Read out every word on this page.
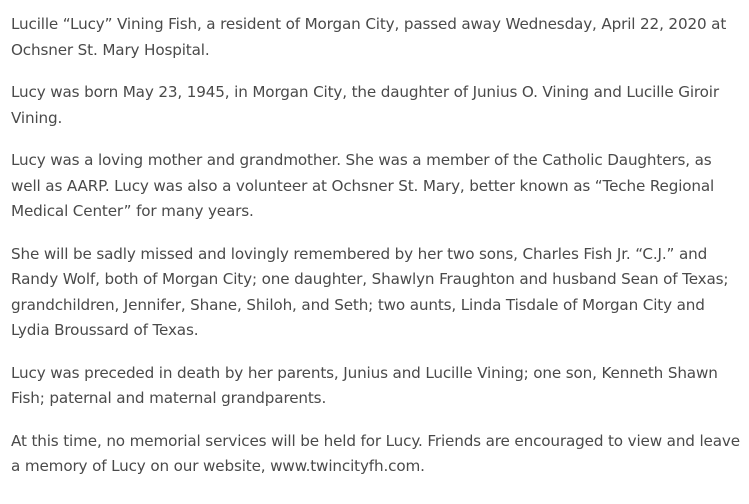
Lucille “Lucy” Vining Fish, a resident of Morgan City, passed away Wednesday, April 22, 2020 at Ochsner St. Mary Hospital.

Lucy was born May 23, 1945, in Morgan City, the daughter of Junius O. Vining and Lucille Giroir Vining.

Lucy was a loving mother and grandmother. She was a member of the Catholic Daughters, as well as AARP. Lucy was also a volunteer at Ochsner St. Mary, better known as “Teche Regional Medical Center” for many years.

She will be sadly missed and lovingly remembered by her two sons, Charles Fish Jr. “C.J.” and Randy Wolf, both of Morgan City; one daughter, Shawlyn Fraughton and husband Sean of Texas; grandchildren, Jennifer, Shane, Shiloh, and Seth; two aunts, Linda Tisdale of Morgan City and Lydia Broussard of Texas.

Lucy was preceded in death by her parents, Junius and Lucille Vining; one son, Kenneth Shawn Fish; paternal and maternal grandparents.

At this time, no memorial services will be held for Lucy. Friends are encouraged to view and leave a memory of Lucy on our website, www.twincityfh.com.
